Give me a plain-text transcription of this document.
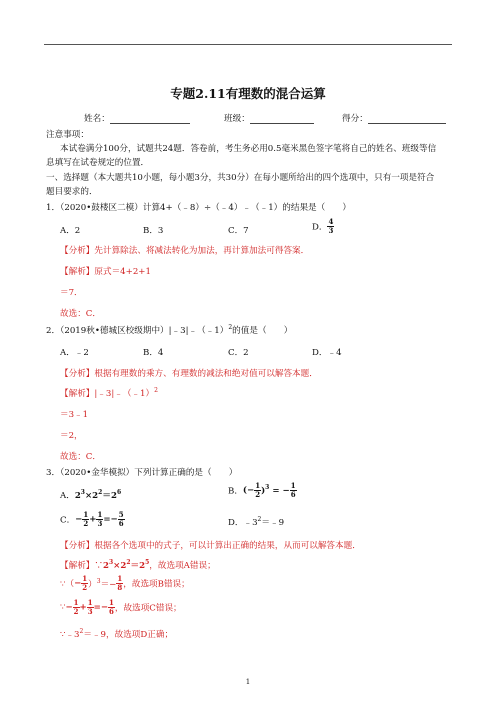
专题2.11有理数的混合运算
姓名：	班级：	得分：
注意事项：
本试卷满分100分，试题共24题．答卷前，考生务必用0.5毫米黑色签字笔将自己的姓名、班级等信
息填写在试卷规定的位置．
一、选择题（本大题共10小题，每小题3分，共30分）在每小题所给出的四个选项中，只有一项是符合
题目要求的．
1．（2020•鼓楼区二模）计算4+（﹣8）÷（﹣4）﹣（﹣1）的结果是（　　）
A．2	B．3	C．7	D． $\frac{4}{3}$
【分析】先计算除法、将减法转化为加法，再计算加法可得答案．
【解析】原式＝4+2+1
＝7．
故选：C．
2．（2019秋•德城区校级期中）|﹣3|﹣（﹣1）$^2$的值是（　　）
A．﹣2	B．4	C．2	D．﹣4
【分析】根据有理数的乘方、有理数的减法和绝对值可以解答本题．
【解析】|﹣3|﹣（﹣1）$^2$
＝3﹣1
＝2，
故选：C．
3．（2020•金华模拟）下列计算正确的是（　　）
A．$2^3\times 2^2=2^6$	B．(− $\frac{1}{2} )^3$ = − $\frac{1}{6}$
C．− $\frac{1}{2} + \frac{1}{3} =- \frac{5}{6}$	D．$﹣3^2=﹣9$
【分析】根据各个选项中的式子，可以计算出正确的结果，从而可以解答本题．
【解析】$\because 2^3\times 2^2=2^5$，故选项A错误；
∵（− $\frac{1}{2} )^3=- \frac{1}{8}$ ，故选项B错误；
∵− $\frac{1}{2} + \frac{1}{3} =- \frac{1}{6}$ ，故选项C错误；
$\because﹣3^2=﹣9$，故选项D正确；
1
